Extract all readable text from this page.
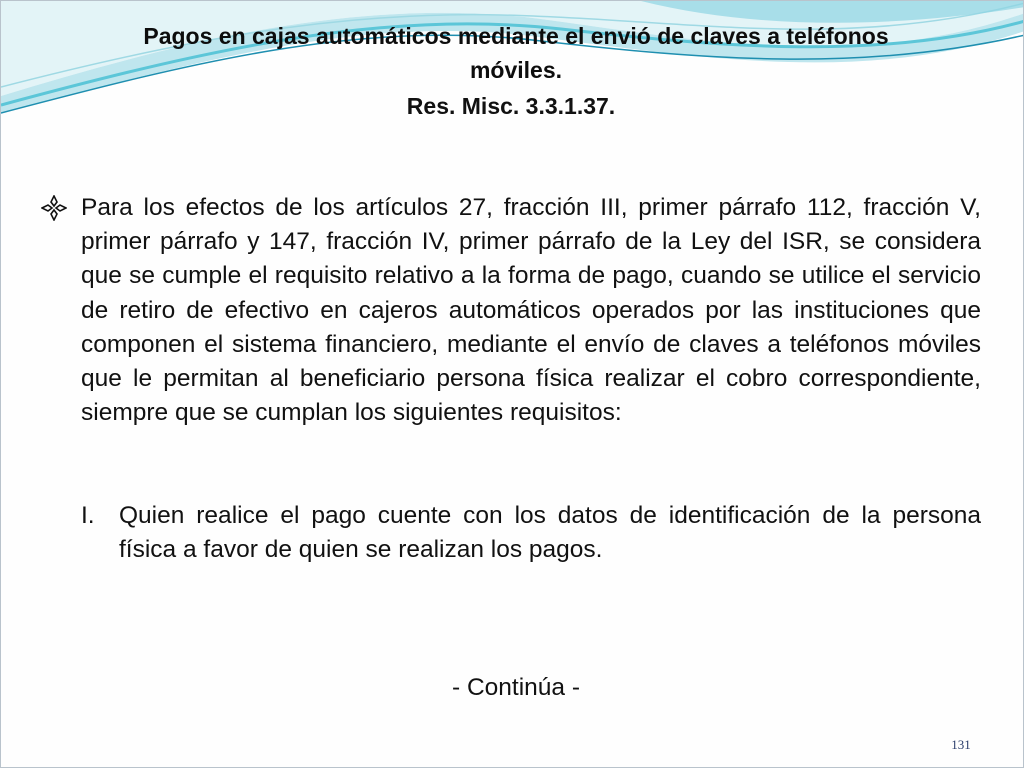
Pagos en cajas automáticos mediante el envió de claves a teléfonos móviles.
Res. Misc. 3.3.1.37.
Para los efectos de los artículos 27, fracción III, primer párrafo 112, fracción V, primer párrafo y 147, fracción IV, primer párrafo de la Ley del ISR, se considera que se cumple el requisito relativo a la forma de pago, cuando se utilice el servicio de retiro de efectivo en cajeros automáticos operados por las instituciones que componen el sistema financiero, mediante el envío de claves a teléfonos móviles que le permitan al beneficiario persona física realizar el cobro correspondiente, siempre que se cumplan los siguientes requisitos:
I. Quien realice el pago cuente con los datos de identificación de la persona física a favor de quien se realizan los pagos.
- Continúa -
131
